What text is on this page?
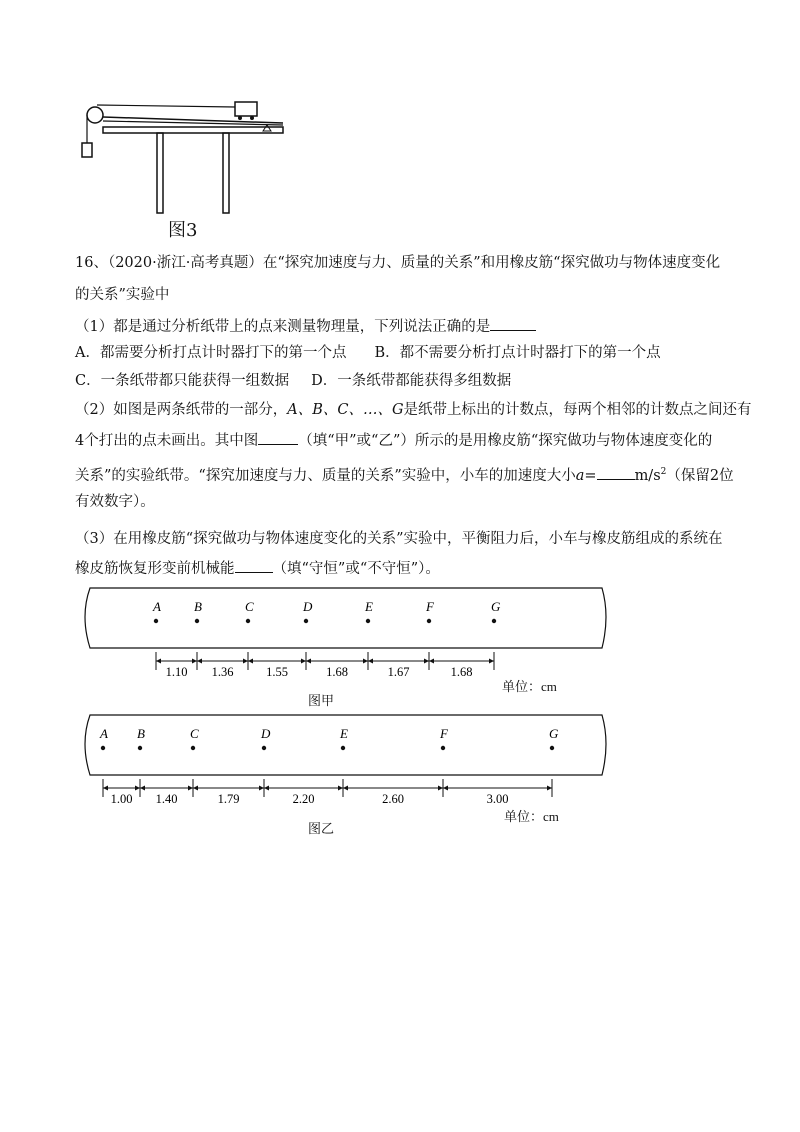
图3
16、（2020·浙江·高考真题）在“探究加速度与力、质量的关系”和用橡皮筋“探究做功与物体速度变化
的关系”实验中
（1）都是通过分析纸带上的点来测量物理量，下列说法正确的是
A．都需要分析打点计时器打下的第一个点 B．都不需要分析打点计时器打下的第一个点
C．一条纸带都只能获得一组数据 D．一条纸带都能获得多组数据
（2）如图是两条纸带的一部分，A、B、C、…、G是纸带上标出的计数点，每两个相邻的计数点之间还有
4个打出的点未画出。其中图	（填“甲”或“乙”）所示的是用橡皮筋“探究做功与物体速度变化的
关系”的实验纸带。“探究加速度与力、质量的关系”实验中，小车的加速度大小a=	$m/s^2$（保留2位
有效数字）。
（3）在用橡皮筋“探究做功与物体速度变化的关系”实验中，平衡阻力后，小车与橡皮筋组成的系统在
橡皮筋恢复形变前机械能	（填“守恒”或“不守恒”）。
A	B	C	D	E	F	G
1.10 1.36	1.55	1.68	1.67	1.68
图甲
单位：cm
A B	C	D	E	F	G
1.00 1.40	1.79	2.20	2.60	3.00
图乙
单位：cm
